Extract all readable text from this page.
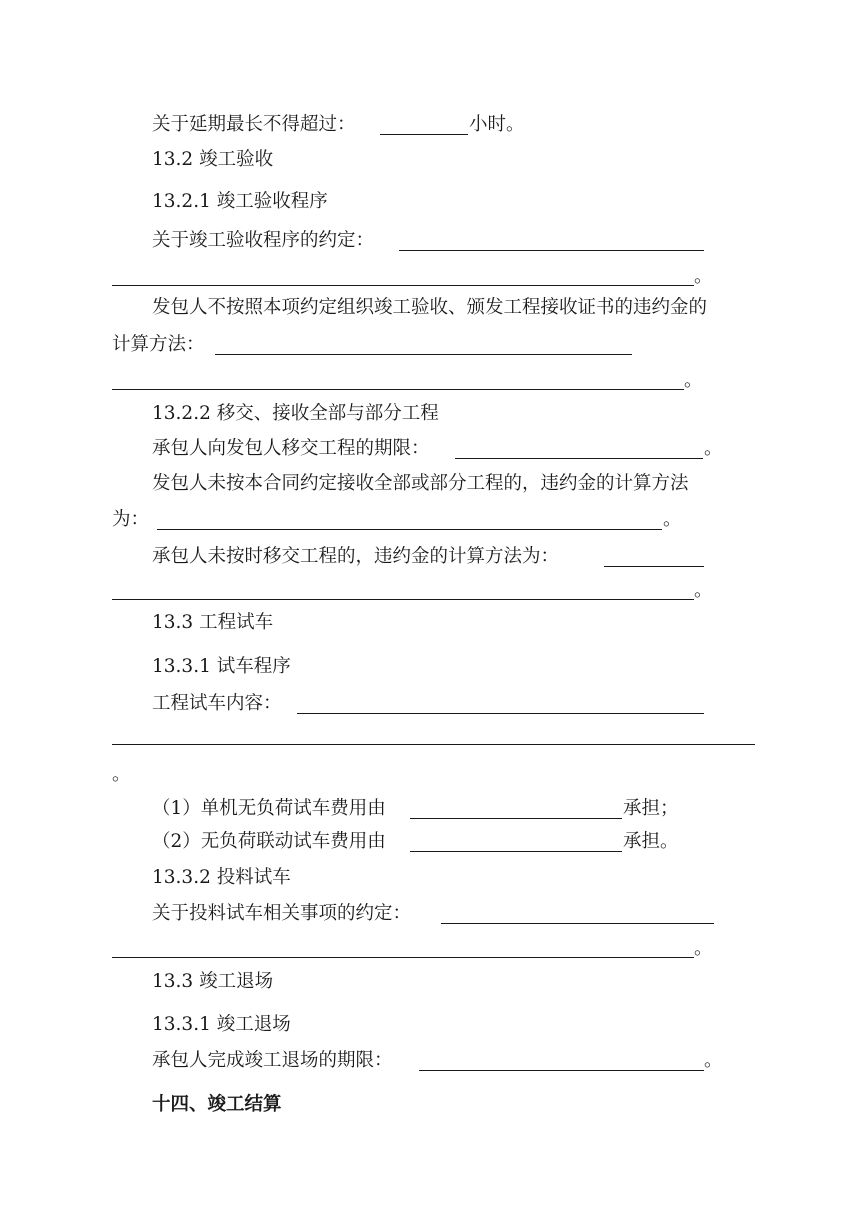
关于延期最长不得超过：	小时。
13.2 竣工验收
13.2.1 竣工验收程序
关于竣工验收程序的约定：
。
发包人不按照本项约定组织竣工验收、颁发工程接收证书的违约金的
计算方法：
。
13.2.2 移交、接收全部与部分工程
承包人向发包人移交工程的期限：	。
发包人未按本合同约定接收全部或部分工程的，违约金的计算方法
为：	。
承包人未按时移交工程的，违约金的计算方法为：
。
13.3 工程试车
13.3.1 试车程序
工程试车内容：
。
（1）单机无负荷试车费用由	承担；
（2）无负荷联动试车费用由	承担。
13.3.2 投料试车
关于投料试车相关事项的约定：
。
13.3 竣工退场
13.3.1 竣工退场
承包人完成竣工退场的期限：	。
十四、竣工结算
